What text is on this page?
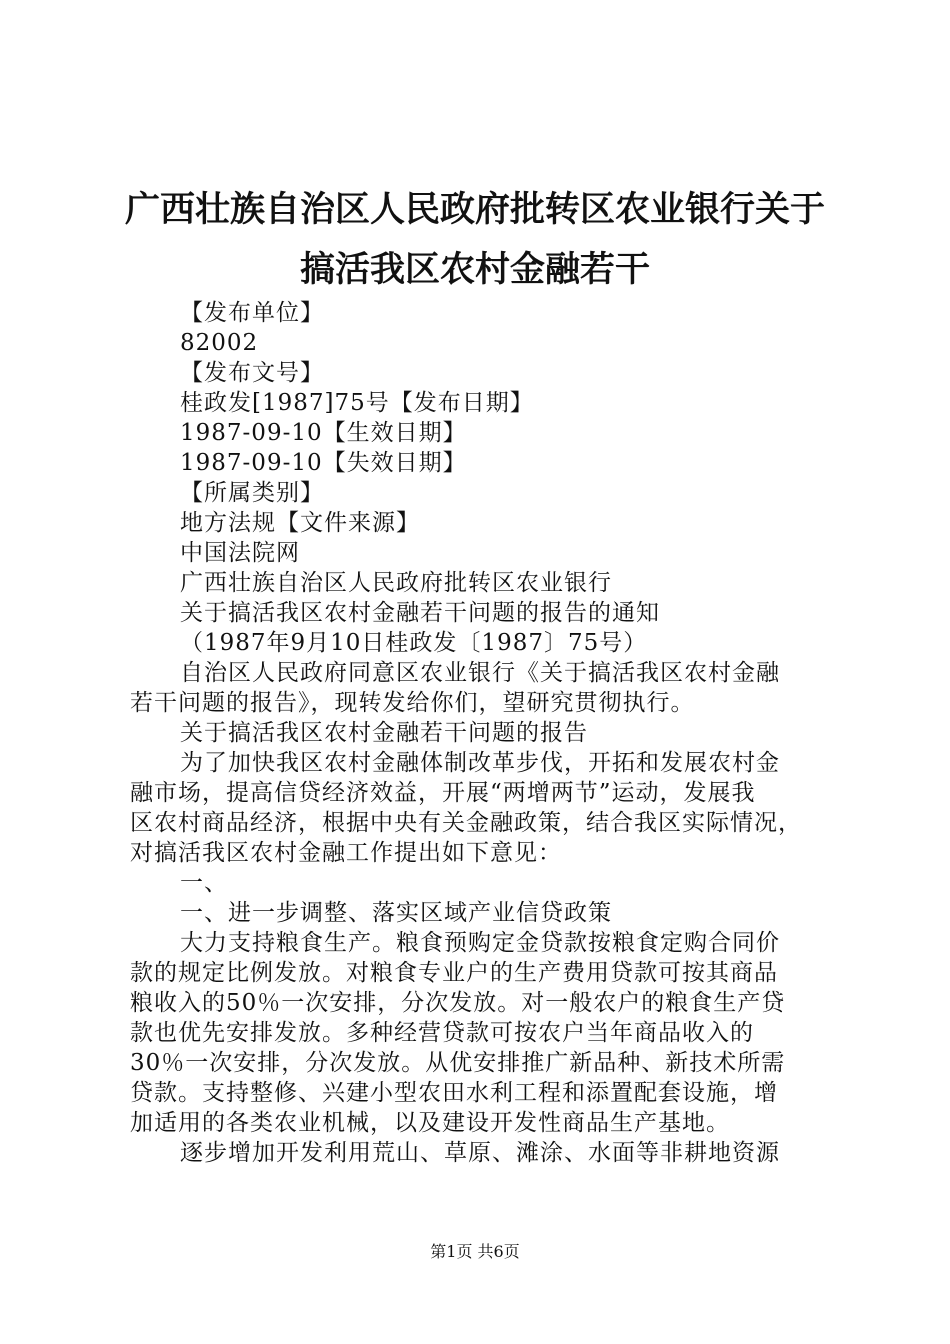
广西壮族自治区人民政府批转区农业银行关于
搞活我区农村金融若干
【发布单位】
82002
【发布文号】
桂政发[1987]75号【发布日期】
1987-09-10【生效日期】
1987-09-10【失效日期】
【所属类别】
地方法规【文件来源】
中国法院网
广西壮族自治区人民政府批转区农业银行
关于搞活我区农村金融若干问题的报告的通知
（1987年9月10日桂政发〔1987〕75号）
自治区人民政府同意区农业银行《关于搞活我区农村金融
若干问题的报告》，现转发给你们，望研究贯彻执行。
关于搞活我区农村金融若干问题的报告
为了加快我区农村金融体制改革步伐，开拓和发展农村金
融市场，提高信贷经济效益，开展“两增两节”运动，发展我
区农村商品经济，根据中央有关金融政策，结合我区实际情况，
对搞活我区农村金融工作提出如下意见：
一、
一、进一步调整、落实区域产业信贷政策
大力支持粮食生产。粮食预购定金贷款按粮食定购合同价
款的规定比例发放。对粮食专业户的生产费用贷款可按其商品
粮收入的50％一次安排，分次发放。对一般农户的粮食生产贷
款也优先安排发放。多种经营贷款可按农户当年商品收入的
30％一次安排，分次发放。从优安排推广新品种、新技术所需
贷款。支持整修、兴建小型农田水利工程和添置配套设施，增
加适用的各类农业机械，以及建设开发性商品生产基地。
逐步增加开发利用荒山、草原、滩涂、水面等非耕地资源
第1页 共6页
